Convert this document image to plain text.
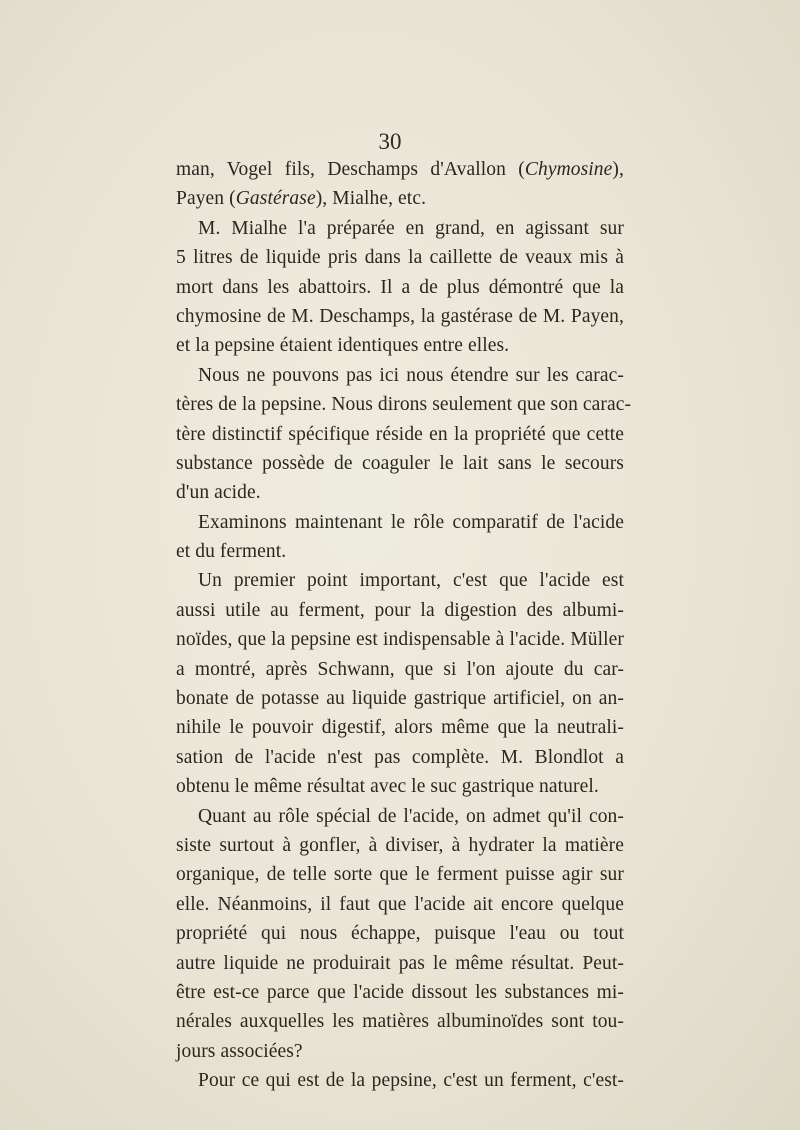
30
man, Vogel fils, Deschamps d'Avallon (Chymosine),
Payen (Gastérase), Mialhe, etc.
M. Mialhe l'a préparée en grand, en agissant sur
5 litres de liquide pris dans la caillette de veaux mis à
mort dans les abattoirs. Il a de plus démontré que la
chymosine de M. Deschamps, la gastérase de M. Payen,
et la pepsine étaient identiques entre elles.
Nous ne pouvons pas ici nous étendre sur les carac-
tères de la pepsine. Nous dirons seulement que son carac-
tère distinctif spécifique réside en la propriété que cette
substance possède de coaguler le lait sans le secours
d'un acide.
Examinons maintenant le rôle comparatif de l'acide
et du ferment.
Un premier point important, c'est que l'acide est
aussi utile au ferment, pour la digestion des albumi-
noïdes, que la pepsine est indispensable à l'acide. Müller
a montré, après Schwann, que si l'on ajoute du car-
bonate de potasse au liquide gastrique artificiel, on an-
nihile le pouvoir digestif, alors même que la neutrali-
sation de l'acide n'est pas complète. M. Blondlot a
obtenu le même résultat avec le suc gastrique naturel.
Quant au rôle spécial de l'acide, on admet qu'il con-
siste surtout à gonfler, à diviser, à hydrater la matière
organique, de telle sorte que le ferment puisse agir sur
elle. Néanmoins, il faut que l'acide ait encore quelque
propriété qui nous échappe, puisque l'eau ou tout
autre liquide ne produirait pas le même résultat. Peut-
être est-ce parce que l'acide dissout les substances mi-
nérales auxquelles les matières albuminoïdes sont tou-
jours associées?
Pour ce qui est de la pepsine, c'est un ferment, c'est-
